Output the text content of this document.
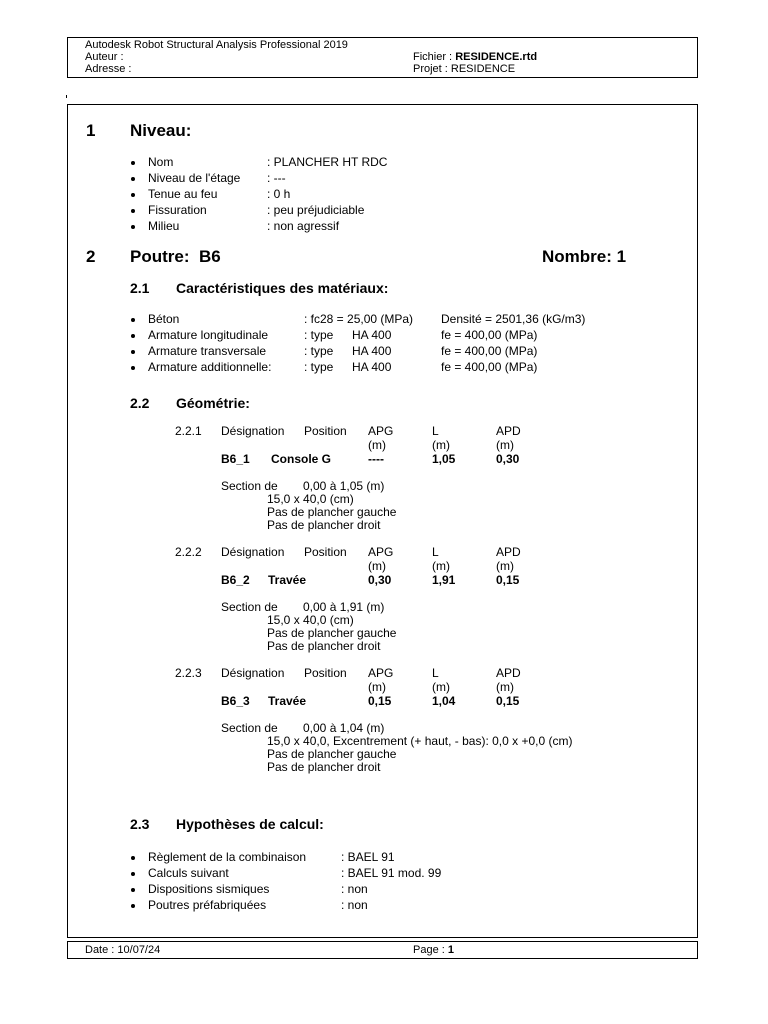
Autodesk Robot Structural Analysis Professional 2019
Auteur :
Adresse :
Fichier : RESIDENCE.rtd
Projet : RESIDENCE
1 Niveau:
Nom	: PLANCHER HT RDC
Niveau de l'étage : ---
Tenue au feu	: 0 h
Fissuration	: peu préjudiciable
Milieu	: non agressif
2 Poutre: B6	Nombre: 1
2.1 Caractéristiques des matériaux:
Béton	: fc28 = 25,00 (MPa) Densité = 2501,36 (kG/m3)
Armature longitudinale	: type HA 400	fe = 400,00 (MPa)
Armature transversale	: type HA 400	fe = 400,00 (MPa)
Armature additionnelle:	: type HA 400	fe = 400,00 (MPa)
2.2 Géométrie:
2.2.1 Désignation Position APG	L	APD
(m)	(m)	(m)
B6_1 Console G	----	1,05	0,30
Section de 0,00 à 1,05 (m)
15,0 x 40,0 (cm)
Pas de plancher gauche
Pas de plancher droit
2.2.2 Désignation Position APG	L	APD
(m)	(m)	(m)
B6_2 Travée	0,30	1,91	0,15
Section de 0,00 à 1,91 (m)
15,0 x 40,0 (cm)
Pas de plancher gauche
Pas de plancher droit
2.2.3 Désignation Position APG	L	APD
(m)	(m)	(m)
B6_3 Travée	0,15	1,04	0,15
Section de 0,00 à 1,04 (m)
15,0 x 40,0, Excentrement (+ haut, - bas): 0,0 x +0,0 (cm)
Pas de plancher gauche
Pas de plancher droit
2.3 Hypothèses de calcul:
Règlement de la combinaison	: BAEL 91
Calculs suivant	: BAEL 91 mod. 99
Dispositions sismiques	: non
Poutres préfabriquées	: non
Date : 10/07/24	Page : 1
